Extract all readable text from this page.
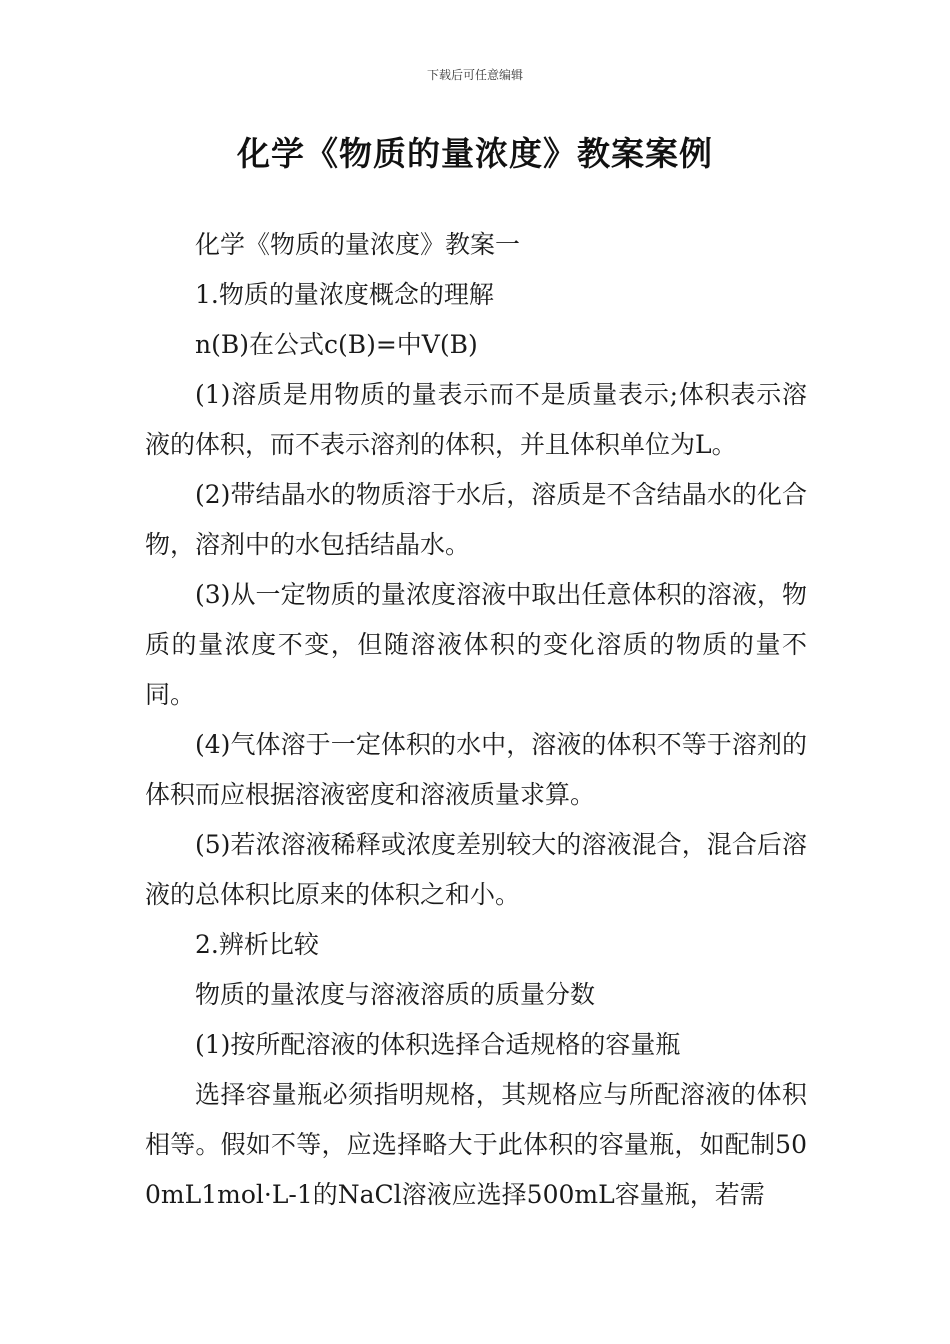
下载后可任意编辑
化学《物质的量浓度》教案案例

化学《物质的量浓度》教案一

1.物质的量浓度概念的理解

n(B)在公式c(B)=中V(B)

(1)溶质是用物质的量表示而不是质量表示;体积表示溶液的体积，而不表示溶剂的体积，并且体积单位为L。

(2)带结晶水的物质溶于水后，溶质是不含结晶水的化合物，溶剂中的水包括结晶水。

(3)从一定物质的量浓度溶液中取出任意体积的溶液，物质的量浓度不变，但随溶液体积的变化溶质的物质的量不同。

(4)气体溶于一定体积的水中，溶液的体积不等于溶剂的体积而应根据溶液密度和溶液质量求算。

(5)若浓溶液稀释或浓度差别较大的溶液混合，混合后溶液的总体积比原来的体积之和小。

2.辨析比较

物质的量浓度与溶液溶质的质量分数

(1)按所配溶液的体积选择合适规格的容量瓶

选择容量瓶必须指明规格，其规格应与所配溶液的体积相等。假如不等，应选择略大于此体积的容量瓶，如配制500mL1mol·L-1的NaCl溶液应选择500mL容量瓶，若需
